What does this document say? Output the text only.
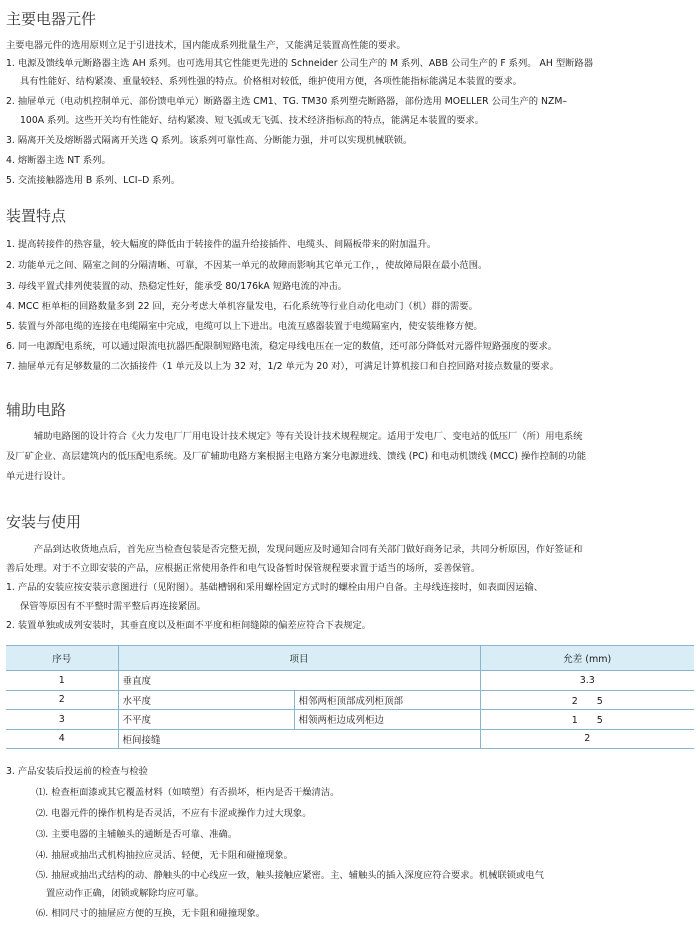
主要电器元件
主要电器元件的选用原则立足于引进技术，国内能成系列批量生产，又能满足装置高性能的要求。
1. 电源及馈线单元断路器主选 AH 系列。也可选用其它性能更先进的 Schneider 公司生产的 M 系列、ABB 公司生产的 F 系列。 AH 型断路器
具有性能好、结构紧凑、重量较轻、系列性强的特点。价格相对较低，维护使用方便，各项性能指标能满足本装置的要求。
2. 抽屉单元（电动机控制单元、部份馈电单元）断路器主选 CM1、TG. TM30 系列塑壳断路器，部份选用 MOELLER 公司生产的 NZM–
100A 系列。这些开关均有性能好、结构紧凑、短飞弧或无飞弧、技术经济指标高的特点，能满足本装置的要求。
3. 隔离开关及熔断器式隔离开关选 Q 系列。该系列可靠性高、分断能力强，并可以实现机械联锁。
4. 熔断器主选 NT 系列。
5. 交流接触器选用 B 系列、LCI–D 系列。
装置特点
1. 提高转接件的热容量，较大幅度的降低由于转接件的温升给接插件、电缆头、间隔板带来的附加温升。
2. 功能单元之间、隔室之间的分隔清晰、可靠，不因某一单元的故障而影响其它单元工作，，使故障局限在最小范围。
3. 母线平置式排列使装置的动、热稳定性好，能承受 80/176kA 短路电流的冲击。
4. MCC 柜单柜的回路数量多到 22 回，充分考虑大单机容量发电，石化系统等行业自动化电动门（机）群的需要。
5. 装置与外部电缆的连接在电缆隔室中完成，电缆可以上下进出。电流互感器装置于电缆隔室内，使安装维修方便。
6. 同一电源配电系统，可以通过限流电抗器匹配限制短路电流，稳定母线电压在一定的数值，还可部分降低对元器件短路强度的要求。
7. 抽屉单元有足够数量的二次插接件（1 单元及以上为 32 对，1/2 单元为 20 对），可满足计算机接口和自控回路对接点数量的要求。
辅助电路
　　　辅助电路图的设计符合《火力发电厂厂用电设计技术规定》等有关设计技术规程规定。适用于发电厂、变电站的低压厂（所）用电系统
及厂矿企业、高层建筑内的低压配电系统。及厂矿辅助电路方案根据主电路方案分电源进线、馈线 (PC) 和电动机馈线 (MCC) 操作控制的功能
单元进行设计。
安装与使用
　　　产品到达收货地点后，首先应当检查包装是否完整无损，发现问题应及时通知合同有关部门做好商务记录，共同分析原因，作好签证和
善后处理。对于不立即安装的产品，应根据正常使用条件和电气设备暂时保管规程要求置于适当的场所，妥善保管。
1. 产品的安装应按安装示意图进行（见附图）。基础槽钢和采用螺栓固定方式时的螺栓由用户自备。主母线连接时，如表面因运输、
保管等原因有不平整时需平整后再连接紧固。
2. 装置单独或成列安装时，其垂直度以及柜面不平度和柜间缝隙的偏差应符合下表规定。
序号	项目		允差 (mm)
1	垂直度		3.3
2	水平度	相邻两柜顶部成列柜顶部	2　　5
3	不平度	相领两柜边成列柜边	1　　5
4	柜间接缝		2
3. 产品安装后投运前的检查与检验
⑴. 检查柜面漆或其它覆盖材料（如喷塑）有否损坏，柜内是否干燥清洁。
⑵. 电器元件的操作机构是否灵活，不应有卡涩或操作力过大现象。
⑶. 主要电器的主辅触头的通断是否可靠、准确。
⑷. 抽屉或抽出式机构抽拉应灵活、轻便，无卡阻和碰撞现象。
⑸. 抽屉或抽出式结构的动、静触头的中心线应一致，触头接触应紧密。主、辅触头的插入深度应符合要求。机械联锁或电气
置应动作正确，闭锁或解除均应可靠。
⑹. 相同尺寸的抽屉应方便的互换，无卡阻和碰撞现象。
